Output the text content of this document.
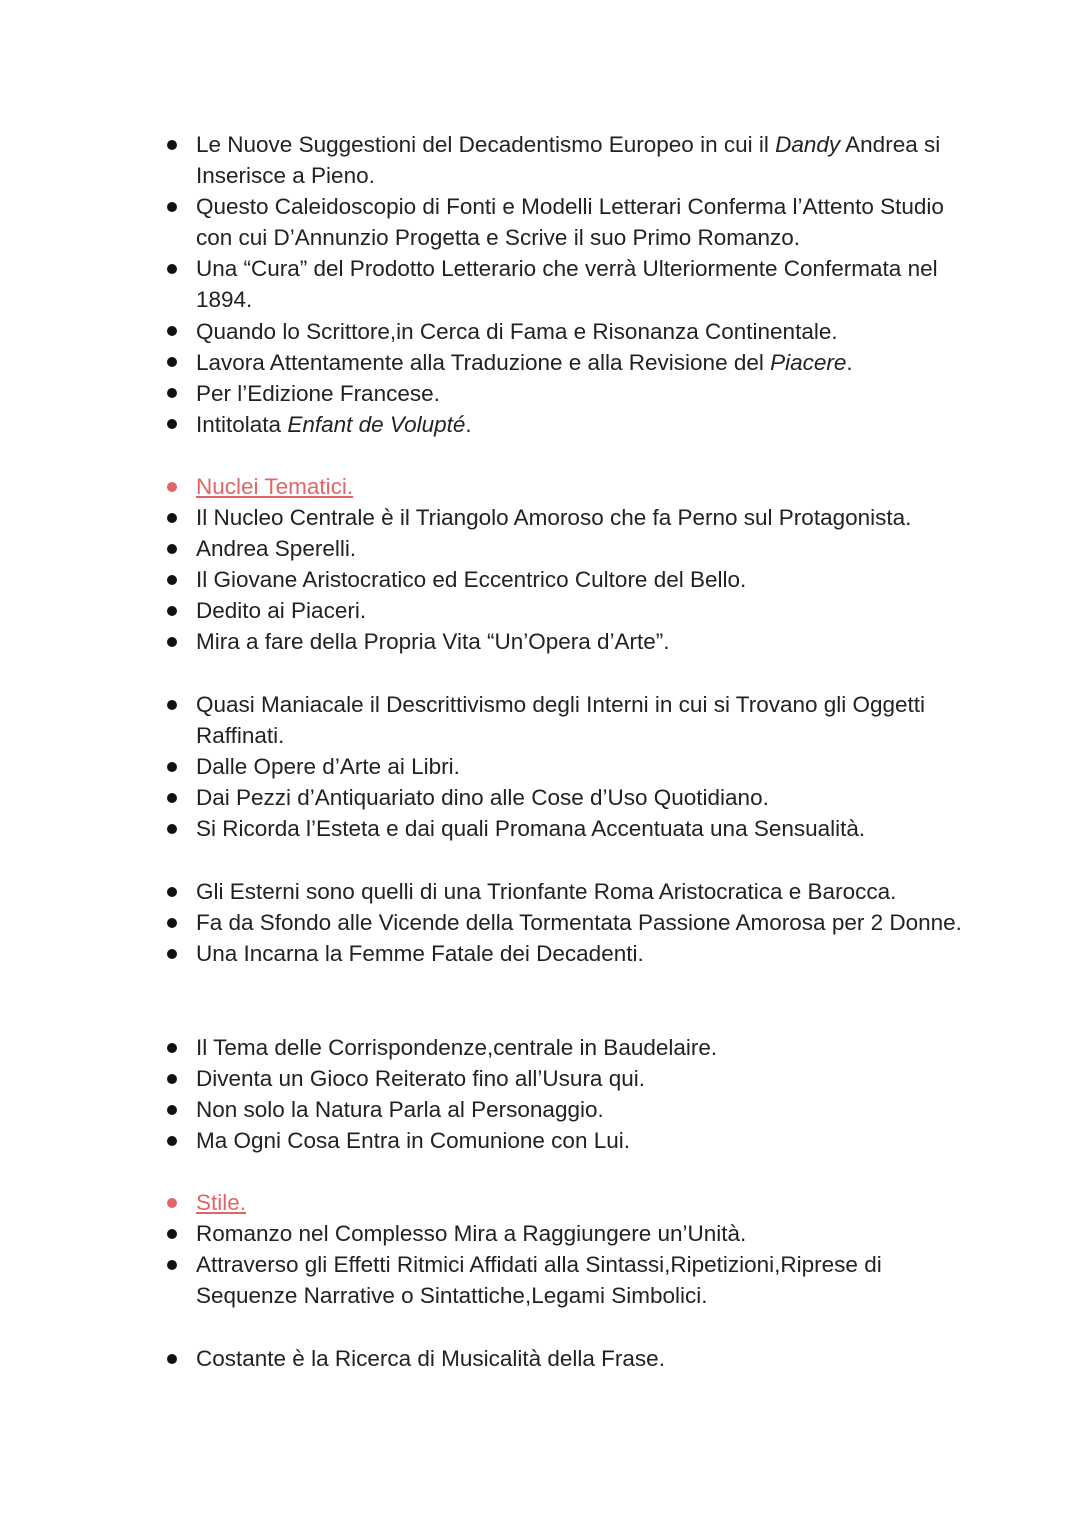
Le Nuove Suggestioni del Decadentismo Europeo in cui il Dandy Andrea si Inserisce a Pieno.
Questo Caleidoscopio di Fonti e Modelli Letterari Conferma l’Attento Studio con cui D’Annunzio Progetta e Scrive il suo Primo Romanzo.
Una “Cura” del Prodotto Letterario che verrà Ulteriormente Confermata nel 1894.
Quando lo Scrittore,in Cerca di Fama e Risonanza Continentale.
Lavora Attentamente alla Traduzione e alla Revisione del Piacere.
Per l’Edizione Francese.
Intitolata Enfant de Volupté.
Nuclei Tematici.
Il Nucleo Centrale è il Triangolo Amoroso che fa Perno sul Protagonista.
Andrea Sperelli.
Il Giovane Aristocratico ed Eccentrico Cultore del Bello.
Dedito ai Piaceri.
Mira a fare della Propria Vita “Un’Opera d’Arte”.
Quasi Maniacale il Descrittivismo degli Interni in cui si Trovano gli Oggetti Raffinati.
Dalle Opere d’Arte ai Libri.
Dai Pezzi d’Antiquariato dino alle Cose d’Uso Quotidiano.
Si Ricorda l’Esteta e dai quali Promana Accentuata una Sensualità.
Gli Esterni sono quelli di una Trionfante Roma Aristocratica e Barocca.
Fa da Sfondo alle Vicende della Tormentata Passione Amorosa per 2 Donne.
Una Incarna la Femme Fatale dei Decadenti.
Il Tema delle Corrispondenze,centrale in Baudelaire.
Diventa un Gioco Reiterato fino all’Usura qui.
Non solo la Natura Parla al Personaggio.
Ma Ogni Cosa Entra in Comunione con Lui.
Stile.
Romanzo nel Complesso Mira a Raggiungere un’Unità.
Attraverso gli Effetti Ritmici Affidati alla Sintassi,Ripetizioni,Riprese di Sequenze Narrative o Sintattiche,Legami Simbolici.
Costante è la Ricerca di Musicalità della Frase.
